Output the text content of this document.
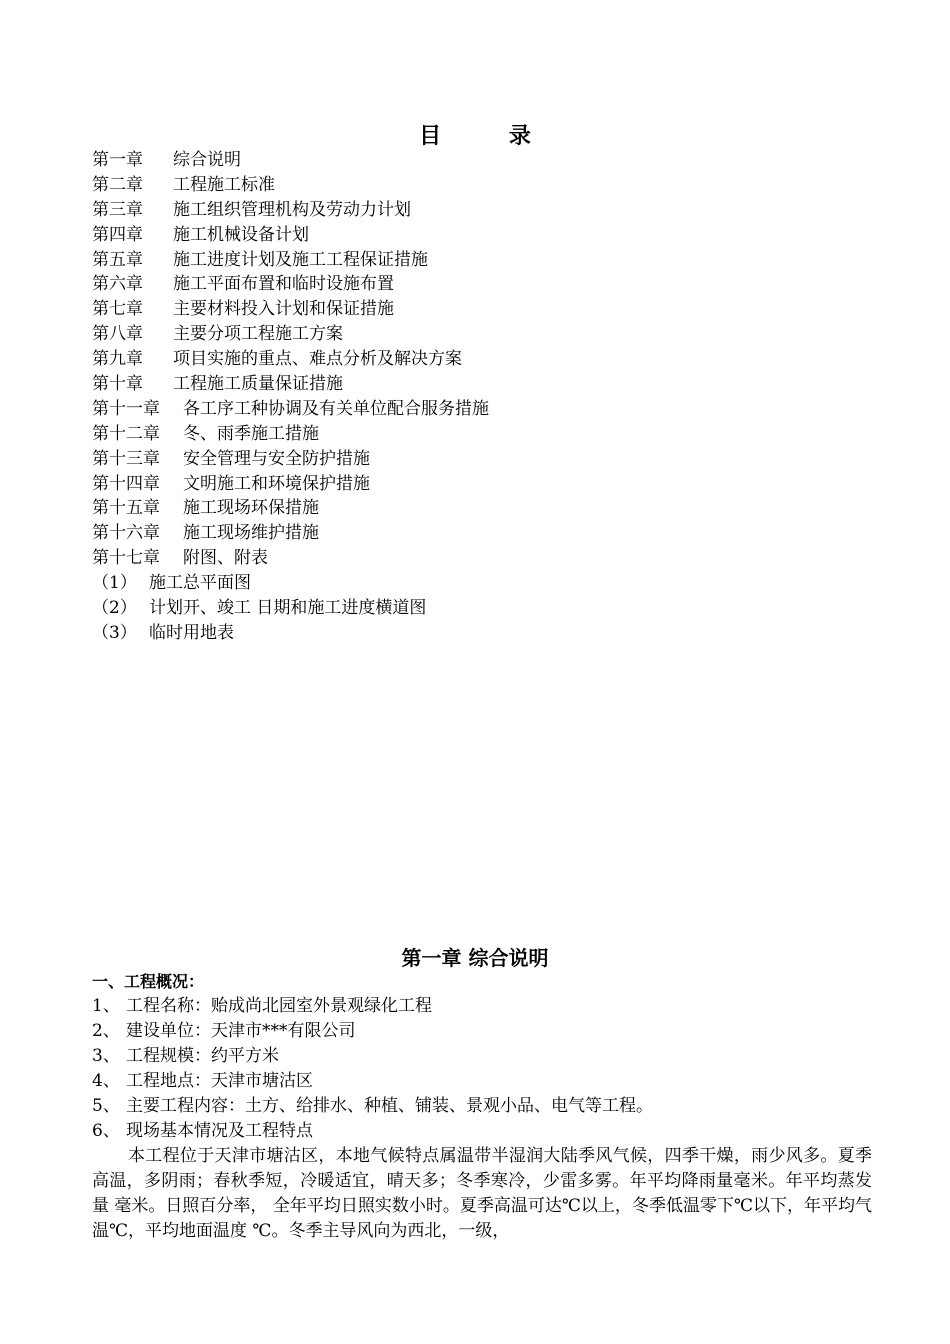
目 录
第一章	综合说明
第二章	工程施工标准
第三章	施工组织管理机构及劳动力计划
第四章	施工机械设备计划
第五章	施工进度计划及施工工程保证措施
第六章	施工平面布置和临时设施布置
第七章	主要材料投入计划和保证措施
第八章	主要分项工程施工方案
第九章	项目实施的重点、难点分析及解决方案
第十章	工程施工质量保证措施
第十一章	各工序工种协调及有关单位配合服务措施
第十二章	冬、雨季施工措施
第十三章	安全管理与安全防护措施
第十四章	文明施工和环境保护措施
第十五章	施工现场环保措施
第十六章	施工现场维护措施
第十七章	附图、附表
（1） 施工总平面图
（2） 计划开、竣工 日期和施工进度横道图
（3） 临时用地表
第一章 综合说明
一、工程概况：
1、 工程名称：贻成尚北园室外景观绿化工程
2、 建设单位：天津市***有限公司
3、 工程规模：约平方米
4、 工程地点：天津市塘沽区
5、 主要工程内容：土方、给排水、种植、铺装、景观小品、电气等工程。
6、 现场基本情况及工程特点
本工程位于天津市塘沽区，本地气候特点属温带半湿润大陆季风气候，四季干燥，雨少风多。夏季高温，多阴雨；春秋季短，冷暖适宜，晴天多；冬季寒冷，少雷多雾。年平均降雨量毫米。年平均蒸发量 毫米。日照百分率， 全年平均日照实数小时。夏季高温可达℃以上，冬季低温零下℃以下，年平均气温℃，平均地面温度 ℃。冬季主导风向为西北，一级，
